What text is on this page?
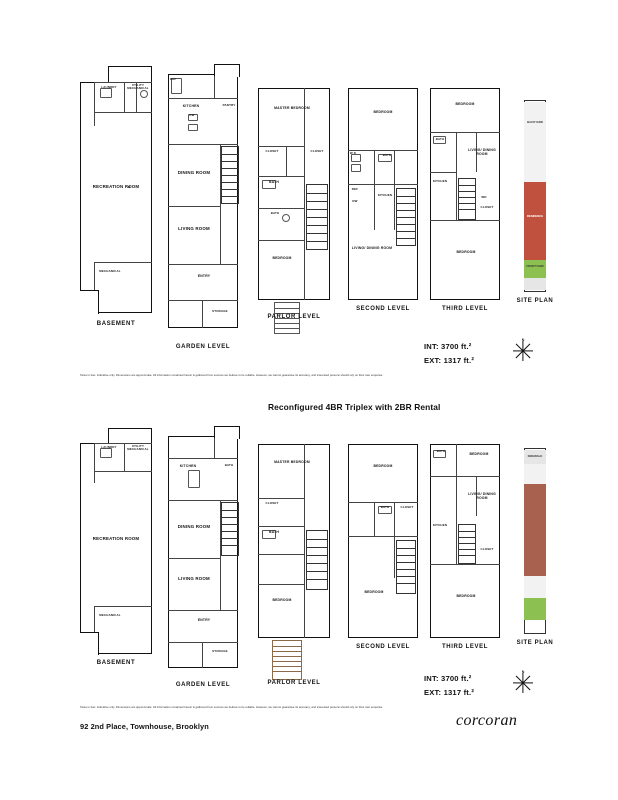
LAUNDRY	UTILITY MECHANICAL
RECREATION ROOM
MECHANICAL
BASEMENT
REF
KITCHEN
DW
PANTRY
DINING ROOM
LIVING ROOM
ENTRY
STORAGE
GARDEN LEVEL
MASTER BEDROOM
CLOSET	CLOSET
BATH
BATH
BEDROOM
PARLOR LEVEL
BEDROOM
W D	BATH
REF
DW
KITCHEN
LIVING/ DINING ROOM
SECOND LEVEL
BEDROOM
BATH
KITCHEN
CLOSET
WD
LIVING/ DINING ROOM
BEDROOM
THIRD LEVEL
BACKYARD
RESIDENCE
FRONTYARD
SITE PLAN
INT: 3700 ft.²
EXT: 1317 ft.²
N
Sizes in feet. Indicative only. Dimensions are approximate. All information contained herein is gathered from sources we believe to be reliable. However, we cannot guarantee its accuracy, and interested persons should rely on their own enquiries.
Reconfigured 4BR Triplex with 2BR Rental
LAUNDRY	UTILITY MECHANICAL
RECREATION ROOM
MECHANICAL
BASEMENT
KITCHEN	BATH
DINING ROOM
LIVING ROOM
ENTRY
STORAGE
GARDEN LEVEL
MASTER BEDROOM
CLOSET
BATH
BEDROOM
PARLOR LEVEL
BEDROOM
BATH	CLOSET
BEDROOM
SECOND LEVEL
BATH
BEDROOM
KITCHEN
CLOSET
LIVING/ DINING ROOM
BEDROOM
THIRD LEVEL
SIDEWALK
SITE PLAN
INT: 3700 ft.²
EXT: 1317 ft.²
N
Sizes in feet. Indicative only. Dimensions are approximate. All information contained herein is gathered from sources we believe to be reliable. However, we cannot guarantee its accuracy, and interested persons should rely on their own enquiries.
92 2nd Place, Townhouse, Brooklyn	corcoran
